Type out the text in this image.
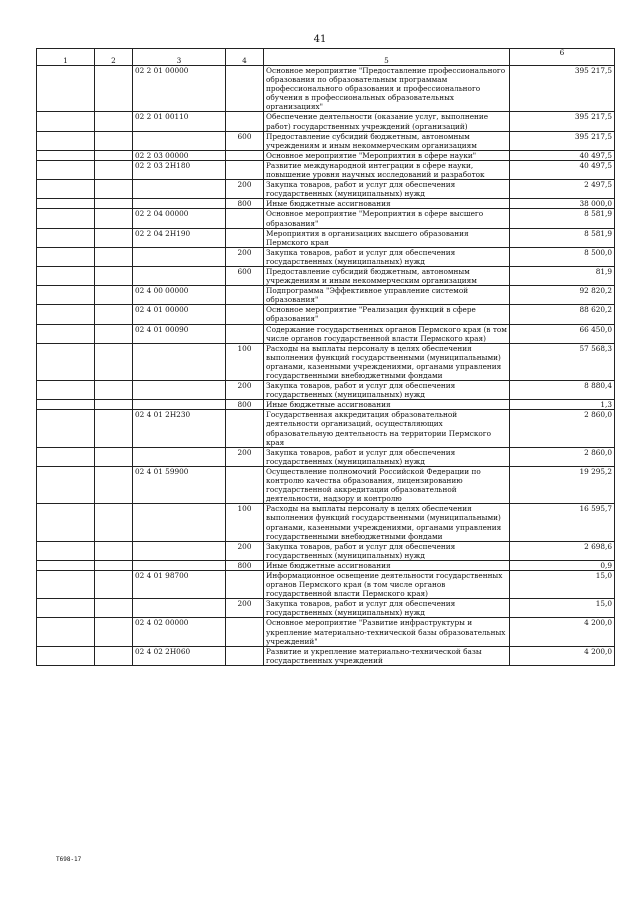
41
					6
1	2	3	4	5	
		02 2 01 00000		Основное мероприятие "Предоставление профессионального образования по образовательным программам профессионального образования и профессионального обучения в профессиональных образовательных организациях"	395 217,5
		02 2 01 00110		Обеспечение деятельности (оказание услуг, выполнение работ) государственных учреждений (организаций)	395 217,5
			600	Предоставление субсидий бюджетным, автономным учреждениям и иным некоммерческим организациям	395 217,5
		02 2 03 00000		Основное мероприятие "Мероприятия в сфере науки"	40 497,5
		02 2 03 2Н180		Развитие международной интеграции в сфере науки, повышение уровня научных исследований и разработок	40 497,5
			200	Закупка товаров, работ и услуг для обеспечения государственных (муниципальных) нужд	2 497,5
			800	Иные бюджетные ассигнования	38 000,0
		02 2 04 00000		Основное мероприятие "Мероприятия в сфере высшего образования"	8 581,9
		02 2 04 2Н190		Мероприятия в организациях высшего образования Пермского края	8 581,9
			200	Закупка товаров, работ и услуг для обеспечения государственных (муниципальных) нужд	8 500,0
			600	Предоставление субсидий бюджетным, автономным учреждениям и иным некоммерческим организациям	81,9
		02 4 00 00000		Подпрограмма "Эффективное управление системой образования"	92 820,2
		02 4 01 00000		Основное мероприятие "Реализация функций в сфере образования"	88 620,2
		02 4 01 00090		Содержание государственных органов Пермского края (в том числе органов государственной власти Пермского края)	66 450,0
			100	Расходы на выплаты персоналу в целях обеспечения выполнения функций государственными (муниципальными) органами, казенными учреждениями, органами управления государственными внебюджетными фондами	57 568,3
			200	Закупка товаров, работ и услуг для обеспечения государственных (муниципальных) нужд	8 880,4
			800	Иные бюджетные ассигнования	1,3
		02 4 01 2Н230		Государственная аккредитация образовательной деятельности организаций, осуществляющих образовательную деятельность на территории Пермского края	2 860,0
			200	Закупка товаров, работ и услуг для обеспечения государственных (муниципальных) нужд	2 860,0
		02 4 01 59900		Осуществление полномочий Российской Федерации по контролю качества образования, лицензированию государственной аккредитации образовательной деятельности, надзору и контролю	19 295,2
			100	Расходы на выплаты персоналу в целях обеспечения выполнения функций государственными (муниципальными) органами, казенными учреждениями, органами управления государственными внебюджетными фондами	16 595,7
			200	Закупка товаров, работ и услуг для обеспечения государственных (муниципальных) нужд	2 698,6
			800	Иные бюджетные ассигнования	0,9
		02 4 01 98700		Информационное освещение деятельности государственных органов Пермского края (в том числе органов государственной власти Пермского края)	15,0
			200	Закупка товаров, работ и услуг для обеспечения государственных (муниципальных) нужд	15,0
		02 4 02 00000		Основное мероприятие "Развитие инфраструктуры и укрепление материально-технической базы образовательных учреждений"	4 200,0
		02 4 02 2Н060		Развитие и укрепление материально-технической базы государственных учреждений	4 200,0
T698-17
